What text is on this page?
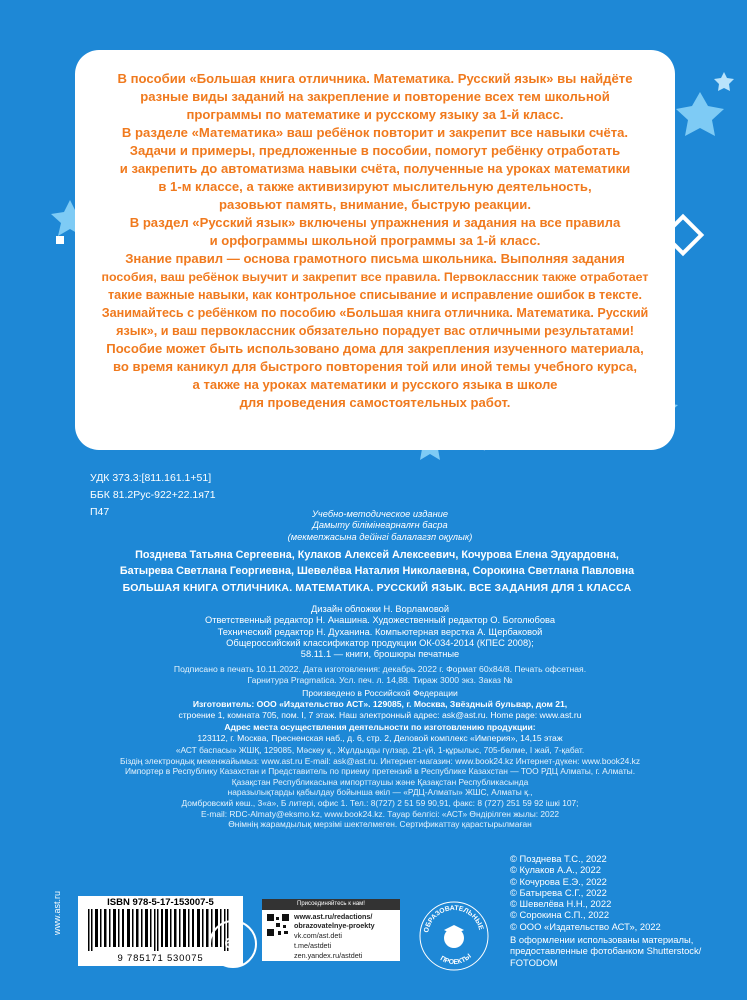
В пособии «Большая книга отличника. Математика. Русский язык» вы найдёте
разные виды заданий на закрепление и повторение всех тем школьной
программы по математике и русскому языку за 1-й класс.
В разделе «Математика» ваш ребёнок повторит и закрепит все навыки счёта.
Задачи и примеры, предложенные в пособии, помогут ребёнку отработать
и закрепить до автоматизма навыки счёта, полученные на уроках математики
в 1-м классе, а также активизируют мыслительную деятельность,
разовьют память, внимание, быструю реакции.
В раздел «Русский язык» включены упражнения и задания на все правила
и орфограммы школьной программы за 1-й класс.
Знание правил — основа грамотного письма школьника. Выполняя задания
пособия, ваш ребёнок выучит и закрепит все правила. Первоклассник также отработает
такие важные навыки, как контрольное списывание и исправление ошибок в тексте.
Занимайтесь с ребёнком по пособию «Большая книга отличника. Математика. Русский
язык», и ваш первоклассник обязательно порадует вас отличными результатами!
Пособие может быть использовано дома для закрепления изученного материала,
во время каникул для быстрого повторения той или иной темы учебного курса,
а также на уроках математики и русского языка в школе
для проведения самостоятельных работ.
УДК 373.3:[811.161.1+51]
ББК 81.2Рус-922+22.1я71
П47	Учебно-методическое издание
Дамыту білімінеарналғн басра
(мекмепжасына дейінгі балалагзп оқулык)
Позднева Татьяна Сергеевна, Кулаков Алексей Алексеевич, Кочурова Елена Эдуардовна,
Батырева Светлана Георгиевна, Шевелёва Наталия Николаевна, Сорокина Светлана Павловна
БОЛЬШАЯ КНИГА ОТЛИЧНИКА. МАТЕМАТИКА. РУССКИЙ ЯЗЫК. ВСЕ ЗАДАНИЯ ДЛЯ 1 КЛАССА
Дизайн обложки Н. Ворламовой
Ответственный редактор Н. Анашина. Художественный редактор О. Боголюбова
Технический редактор Н. Духанина. Компьютерная верстка А. Щербаковой
Общероссийский классификатор продукции ОК-034-2014 (КПЕС 2008);
58.11.1 — книги, брошюры печатные
Подписано в печать 10.11.2022. Дата изготовления: декабрь 2022 г. Формат 60х84/8. Печать офсетная.
Гарнитура Pragmatica. Усл. печ. л. 14,88. Тираж 3000 экз. Заказ №
Произведено в Российской Федерации
Изготовитель: ООО «Издательство АСТ». 129085, г. Москва, Звёздный бульвар, дом 21,
строение 1, комната 705, пом. I, 7 этаж. Наш электронный адрес: ask@ast.ru. Home page: www.ast.ru
Адрес места осуществления деятельности по изготовлению продукции:
123112, г. Москва, Пресненская наб., д. 6, стр. 2, Деловой комплекс «Империя», 14,15 этаж
«АСТ баспасы» ЖШҚ, 129085, Мәскеу қ., Жұлдызды гүлзар, 21-үй, 1-құрылыс, 705-бөлме, I жай, 7-қабат.
Біздің электрондық мекенжайымыз: www.ast.ru E-mail: ask@ast.ru. Интернет-магазин: www.book24.kz Интернет-дүкен: www.book24.kz
Импортер в Республику Казахстан и Представитель по приему претензий в Республике Казахстан — ТОО РДЦ Алматы, г. Алматы.
Қазақстан Республикасына импорттаушы және Қазақстан Республикасында
наразылықтарды қабылдау бойынша өкіл — «РДЦ-Алматы» ЖШС, Алматы қ.,
Домбровский көш., 3«а», Б литері, офис 1. Тел.: 8(727) 2 51 59 90,91, факс: 8 (727) 251 59 92 ішкі 107;
E-mail: RDC-Almaty@eksmo.kz, www.book24.kz. Тауар белгісі: «АСТ» Өндірілген жылы: 2022
Өнімнің жарамдылық мерзімі шектелмеген. Сертификаттау қарастырылмаған
© Позднева Т.С., 2022
© Кулаков А.А., 2022
© Кочурова Е.Э., 2022
© Батырева С.Г., 2022
© Шевелёва Н.Н., 2022
© Сорокина С.П., 2022
© ООО «Издательство АСТ», 2022
В оформлении использованы материалы,
предоставленные фотобанком Shutterstock/
FOTODOM
www.ast.ru	ISBN 978-5-17-153007-5
9 785171 530075
6+
Присоединяйтесь к нам!
www.ast.ru/redactions/
obrazovatelnye-proekty
vk.com/ast.deti
t.me/astdeti
zen.yandex.ru/astdeti
ОБРАЗОВАТЕЛЬНЫЕ
ПРОЕКТЫ
